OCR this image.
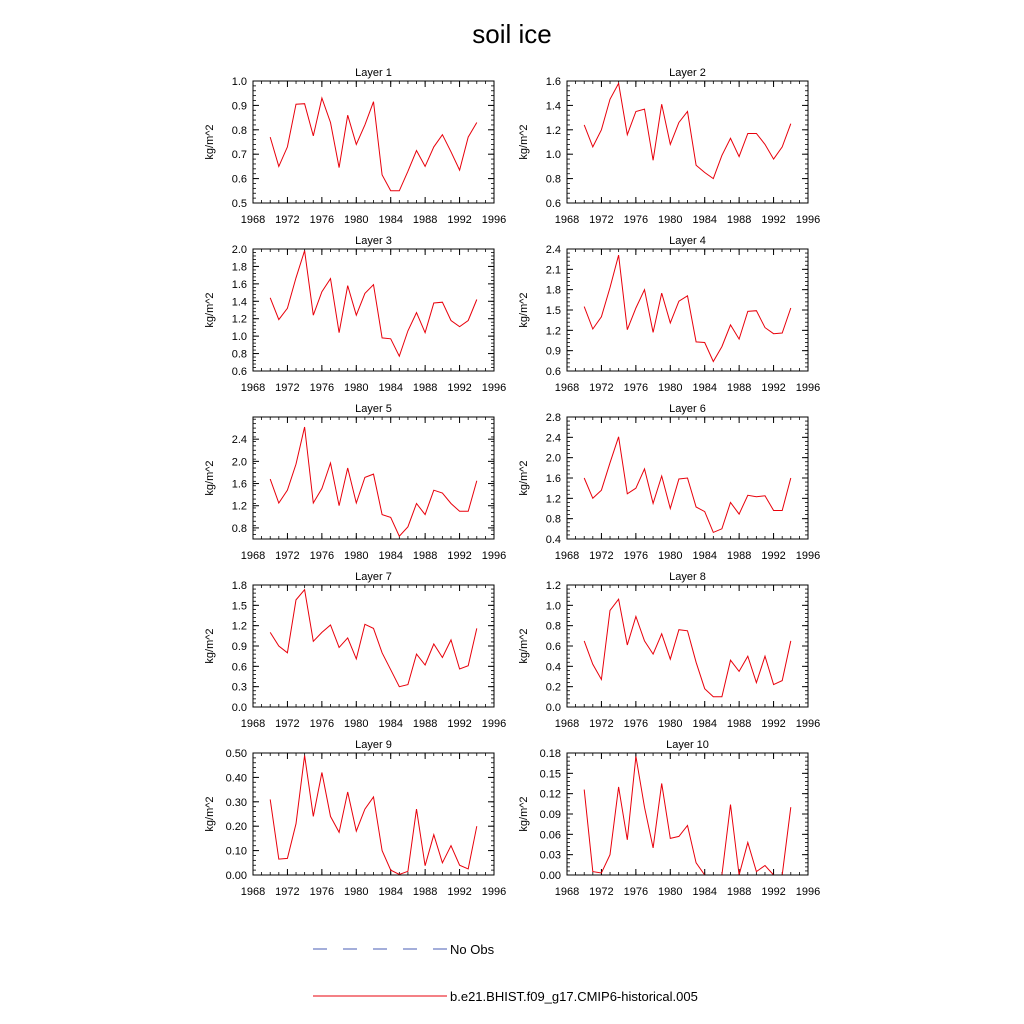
soil ice
Layer 1
kg/m^2
1968 1972 1976 1980 1984 1988 1992 1996
0.5
0.6
0.7
0.8
0.9
1.0
Layer 2
kg/m^2
1968 1972 1976 1980 1984 1988 1992 1996
0.6
0.8
1.0
1.2
1.4
1.6
Layer 3
kg/m^2
1968 1972 1976 1980 1984 1988 1992 1996
0.6
0.8
1.0
1.2
1.4
1.6
1.8
2.0
Layer 4
kg/m^2
1968 1972 1976 1980 1984 1988 1992 1996
0.6
0.9
1.2
1.5
1.8
2.1
2.4
Layer 5
kg/m^2
1968 1972 1976 1980 1984 1988 1992 1996
0.8
1.2
1.6
2.0
2.4
Layer 6
kg/m^2
1968 1972 1976 1980 1984 1988 1992 1996
0.4
0.8
1.2
1.6
2.0
2.4
2.8
Layer 7
kg/m^2
1968 1972 1976 1980 1984 1988 1992 1996
0.0
0.3
0.6
0.9
1.2
1.5
1.8
Layer 8
kg/m^2
1968 1972 1976 1980 1984 1988 1992 1996
0.0
0.2
0.4
0.6
0.8
1.0
1.2
Layer 9
kg/m^2
1968 1972 1976 1980 1984 1988 1992 1996
0.00
0.10
0.20
0.30
0.40
0.50
Layer 10
kg/m^2
1968 1972 1976 1980 1984 1988 1992 1996
0.00
0.03
0.06
0.09
0.12
0.15
0.18
No Obs
b.e21.BHIST.f09_g17.CMIP6-historical.005
